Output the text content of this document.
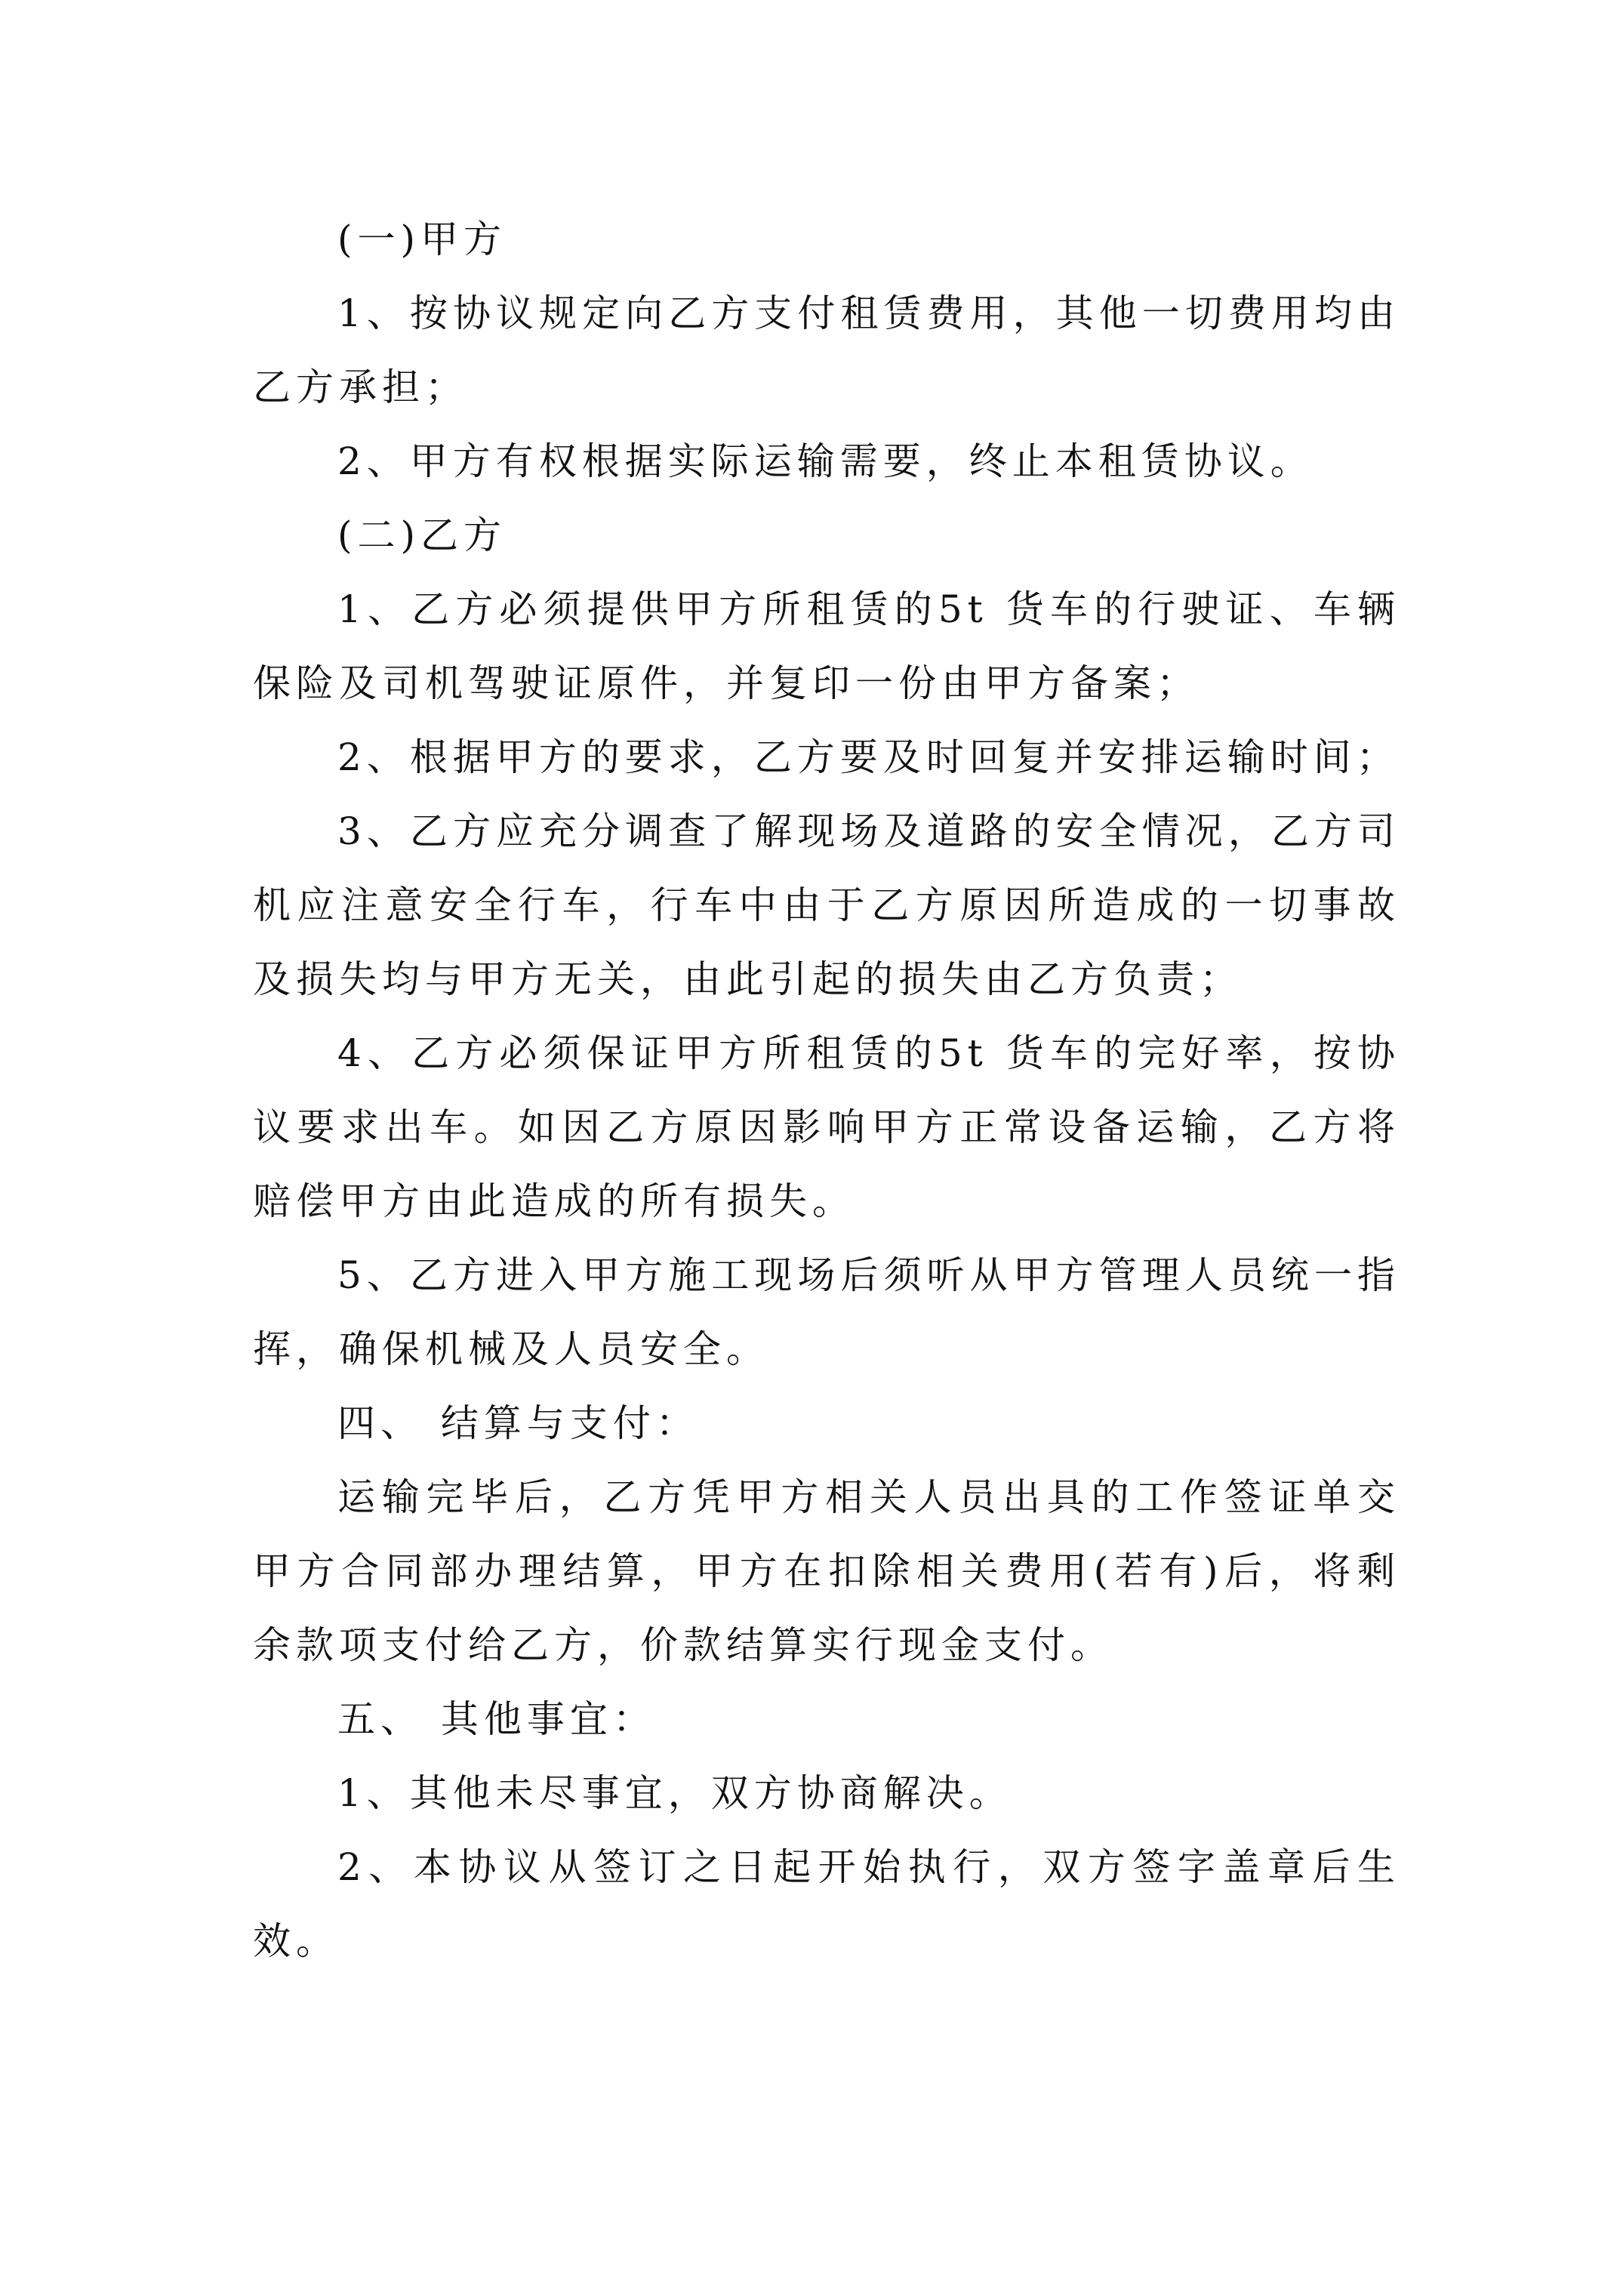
(一)甲方

1、按协议规定向乙方支付租赁费用，其他一切费用均由乙方承担；

2、甲方有权根据实际运输需要，终止本租赁协议。

(二)乙方

1、乙方必须提供甲方所租赁的5t 货车的行驶证、车辆保险及司机驾驶证原件，并复印一份由甲方备案；

2、根据甲方的要求，乙方要及时回复并安排运输时间；

3、乙方应充分调查了解现场及道路的安全情况，乙方司机应注意安全行车，行车中由于乙方原因所造成的一切事故及损失均与甲方无关，由此引起的损失由乙方负责；

4、乙方必须保证甲方所租赁的5t 货车的完好率，按协议要求出车。如因乙方原因影响甲方正常设备运输，乙方将赔偿甲方由此造成的所有损失。

5、乙方进入甲方施工现场后须听从甲方管理人员统一指挥，确保机械及人员安全。

四、 结算与支付：

运输完毕后，乙方凭甲方相关人员出具的工作签证单交甲方合同部办理结算，甲方在扣除相关费用(若有)后，将剩余款项支付给乙方，价款结算实行现金支付。

五、 其他事宜：

1、其他未尽事宜，双方协商解决。

2、本协议从签订之日起开始执行，双方签字盖章后生效。
